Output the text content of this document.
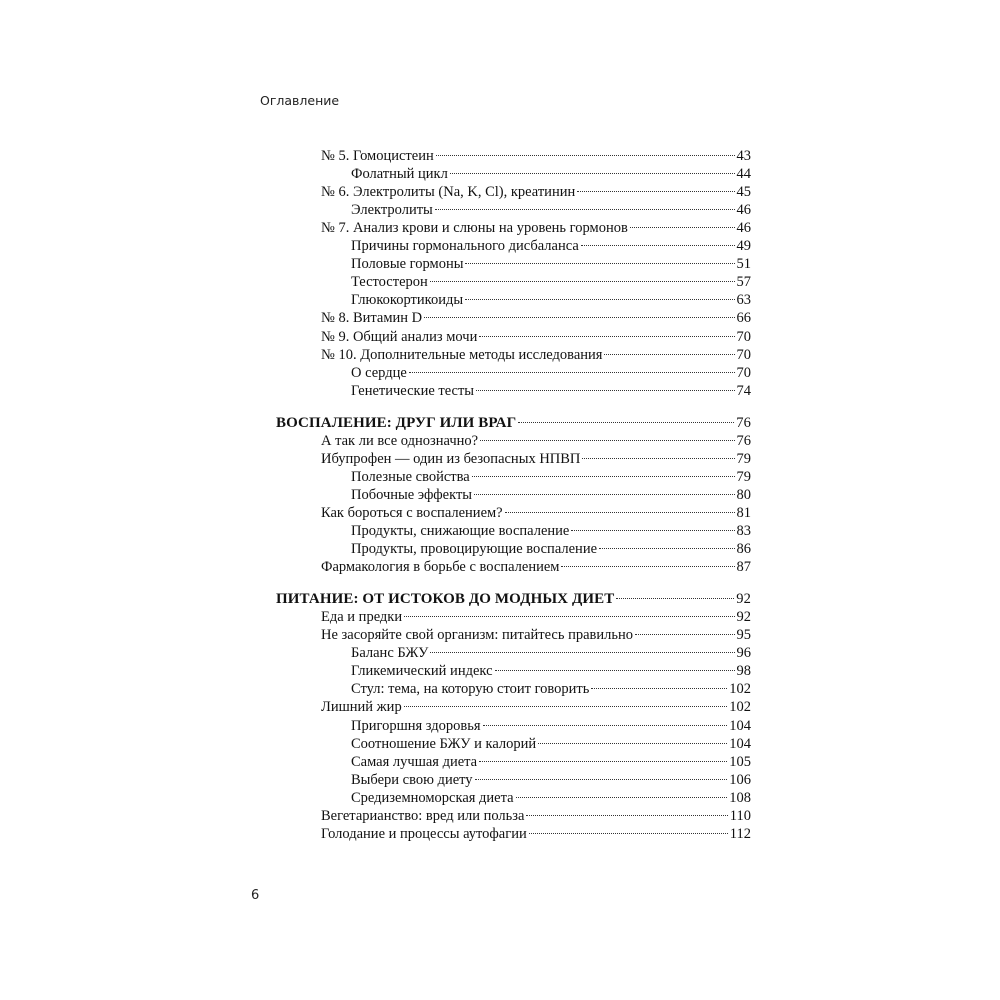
Оглавление
№ 5. Гомоцистеин	43
Фолатный цикл	44
№ 6. Электролиты (Na, K, Cl), креатинин	45
Электролиты	46
№ 7. Анализ крови и слюны на уровень гормонов	46
Причины гормонального дисбаланса	49
Половые гормоны	51
Тестостерон	57
Глюкокортикоиды	63
№ 8. Витамин D	66
№ 9. Общий анализ мочи	70
№ 10. Дополнительные методы исследования	70
О сердце	70
Генетические тесты	74
ВОСПАЛЕНИЕ: ДРУГ ИЛИ ВРАГ	76
А так ли все однозначно?	76
Ибупрофен — один из безопасных НПВП	79
Полезные свойства	79
Побочные эффекты	80
Как бороться с воспалением?	81
Продукты, снижающие воспаление	83
Продукты, провоцирующие воспаление	86
Фармакология в борьбе с воспалением	87
ПИТАНИЕ: ОТ ИСТОКОВ ДО МОДНЫХ ДИЕТ	92
Еда и предки	92
Не засоряйте свой организм: питайтесь правильно	95
Баланс БЖУ	96
Гликемический индекс	98
Стул: тема, на которую стоит говорить	102
Лишний жир	102
Пригоршня здоровья	104
Соотношение БЖУ и калорий	104
Самая лучшая диета	105
Выбери свою диету	106
Средиземноморская диета	108
Вегетарианство: вред или польза	110
Голодание и процессы аутофагии	112
6
